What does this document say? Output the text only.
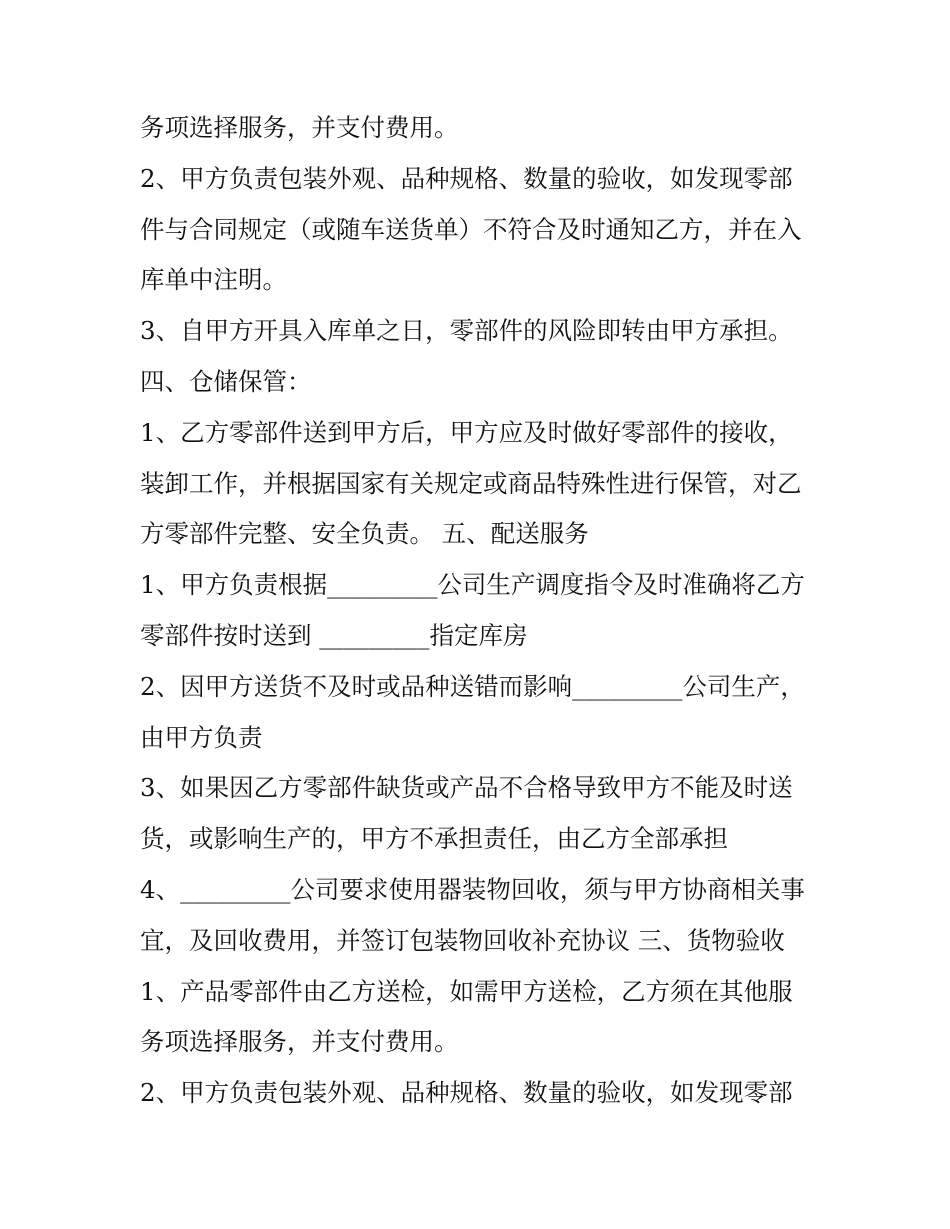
务项选择服务，并支付费用。
2、甲方负责包装外观、品种规格、数量的验收，如发现零部
件与合同规定（或随车送货单）不符合及时通知乙方，并在入
库单中注明。
3、自甲方开具入库单之日，零部件的风险即转由甲方承担。
四、仓储保管：
1、乙方零部件送到甲方后，甲方应及时做好零部件的接收，
装卸工作，并根据国家有关规定或商品特殊性进行保管，对乙
方零部件完整、安全负责。 五、配送服务
1、甲方负责根据_________公司生产调度指令及时准确将乙方
零部件按时送到 _________指定库房
2、因甲方送货不及时或品种送错而影响_________公司生产，
由甲方负责
3、如果因乙方零部件缺货或产品不合格导致甲方不能及时送
货，或影响生产的，甲方不承担责任，由乙方全部承担
4、_________公司要求使用器装物回收，须与甲方协商相关事
宜，及回收费用，并签订包装物回收补充协议 三、货物验收
1、产品零部件由乙方送检，如需甲方送检，乙方须在其他服
务项选择服务，并支付费用。
2、甲方负责包装外观、品种规格、数量的验收，如发现零部
